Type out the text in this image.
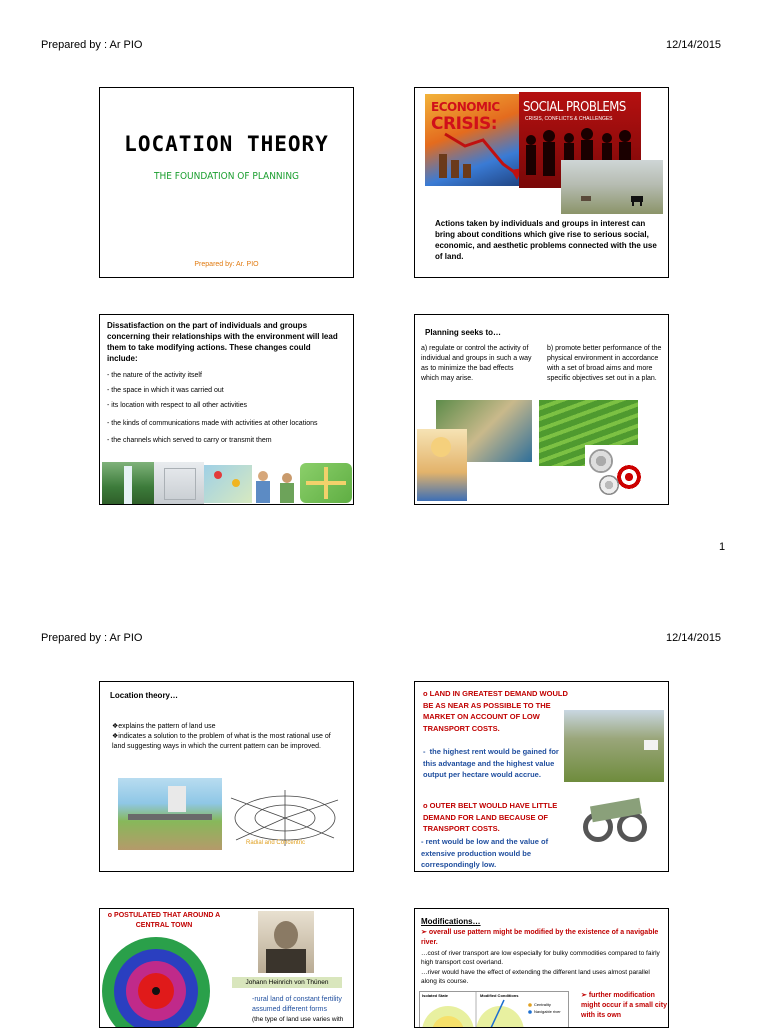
Prepared by : Ar PIO	12/14/2015
LOCATION THEORY
THE FOUNDATION OF PLANNING
Prepared by: Ar. PIO
ECONOMIC
CRISIS:
SOCIAL PROBLEMS
CRISIS, CONFLICTS & CHALLENGES
Actions taken by individuals and groups in interest can bring about conditions which give rise to serious social, economic, and aesthetic problems connected with the use of land.
Dissatisfaction on the part of individuals and groups concerning their relationships with the environment will lead them to take modifying actions. These changes could include:
- the nature of the activity itself
- the space in which it was carried out
- its location with respect to all other activities
- the kinds of communications made with activities at other locations
- the channels which served to carry or transmit them
Planning seeks to…
a) regulate or control the activity of individual and groups in such a way as to minimize the bad effects which may arise.
b) promote better performance of the physical environment in accordance with a set of broad aims and more specific objectives set out in a plan.
1
Prepared by : Ar PIO	12/14/2015
Location theory…
❖explains the pattern of land use
❖indicates a solution to the problem of what is the most rational use of land suggesting ways in which the current pattern can be improved.
Radial and Concentric
o LAND IN GREATEST DEMAND WOULD BE AS NEAR AS POSSIBLE TO THE MARKET ON ACCOUNT OF LOW TRANSPORT COSTS.
-  the highest rent would be gained for this advantage and the highest value output per hectare would accrue.
o OUTER BELT WOULD HAVE LITTLE DEMAND FOR LAND BECAUSE OF TRANSPORT COSTS.
- rent would be low and the value of extensive production would be correspondingly low.
o POSTULATED THAT AROUND A CENTRAL TOWN
Johann Heinrich von Thünen
-rural land of constant fertility assumed different forms
(the type of land use varies with
Modifications…
➢ overall use pattern might be modified by the existence of a navigable river.
…cost of river transport are low especially for bulky commodities compared to fairly high transport cost overland.
…river would have the effect of extending the different land uses almost parallel along its course.
Isolated State	Modified Conditions
Centrality
Navigable river
➢ further modification might occur if a small city with its own
